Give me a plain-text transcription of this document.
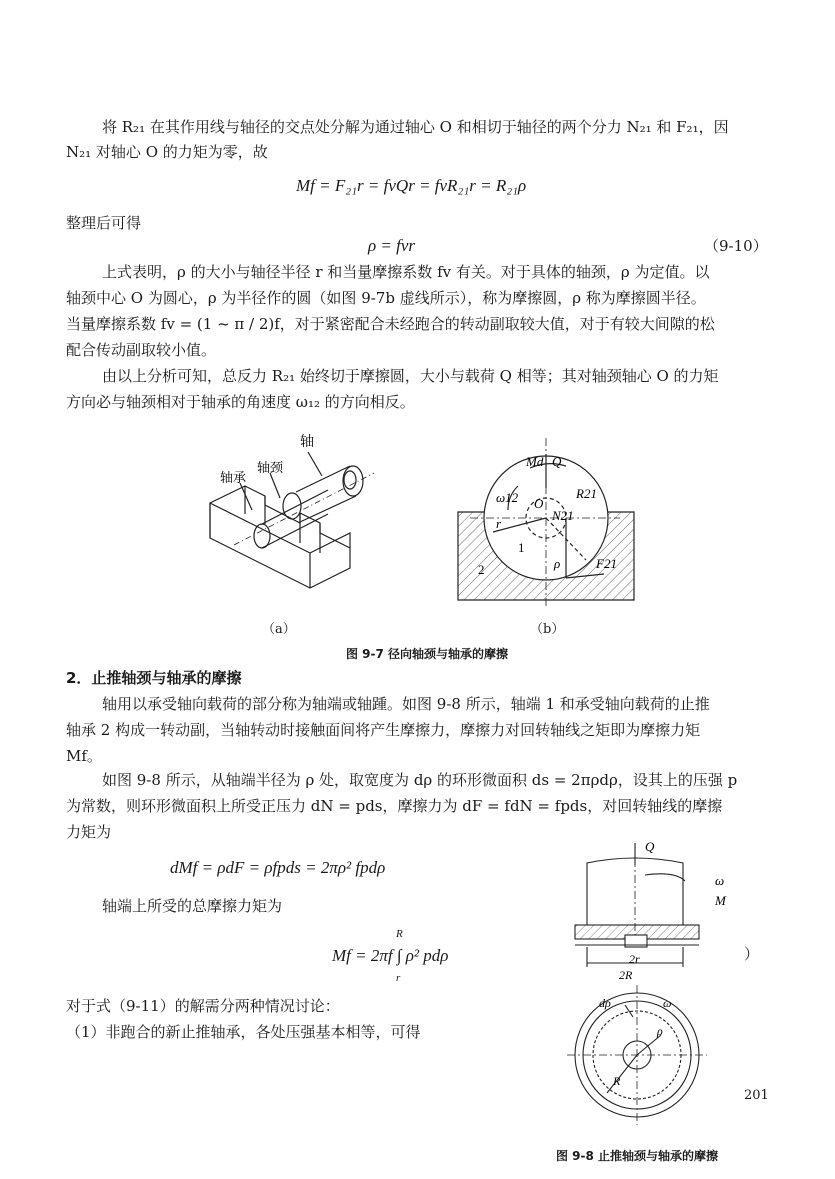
将 R₂₁ 在其作用线与轴径的交点处分解为通过轴心 O 和相切于轴径的两个分力 N₂₁ 和 F₂₁，因
N₂₁ 对轴心 O 的力矩为零，故
Mf = F₂₁r = fvQr = fvR₂₁r = R₂₁ρ
整理后可得
ρ = fvr	（9-10）
上式表明，ρ 的大小与轴径半径 r 和当量摩擦系数 fv 有关。对于具体的轴颈，ρ 为定值。以
轴颈中心 O 为圆心，ρ 为半径作的圆（如图 9-7b 虚线所示），称为摩擦圆，ρ 称为摩擦圆半径。
当量摩擦系数 fv = (1 ~ π / 2)f，对于紧密配合未经跑合的转动副取较大值，对于有较大间隙的松
配合传动副取较小值。
由以上分析可知，总反力 R₂₁ 始终切于摩擦圆，大小与载荷 Q 相等；其对轴颈轴心 O 的力矩
方向必与轴颈相对于轴承的角速度 ω₁₂ 的方向相反。
轴
轴颈
轴承
Md Q
ω12 O
R21
N21
r
1
2	ρ	F21
（a）	（b）
图 9-7 径向轴颈与轴承的摩擦
2．止推轴颈与轴承的摩擦
轴用以承受轴向载荷的部分称为轴端或轴踵。如图 9-8 所示，轴端 1 和承受轴向载荷的止推
轴承 2 构成一转动副，当轴转动时接触面间将产生摩擦力，摩擦力对回转轴线之矩即为摩擦力矩
Mf。
如图 9-8 所示，从轴端半径为 ρ 处，取宽度为 dρ 的环形微面积 ds = 2πρdρ，设其上的压强 p
为常数，则环形微面积上所受正压力 dN = pds，摩擦力为 dF = fdN = fpds，对回转轴线的摩擦
力矩为
dMf = ρdF = ρfpds = 2πρ² fpdρ
轴端上所受的总摩擦力矩为
Mf = 2πf ∫ ρ² pdρ
R
r
）
对于式（9-11）的解需分两种情况讨论：
（1）非跑合的新止推轴承，各处压强基本相等，可得
Q
ω
M
2r
2R
dρ	ω
ρ
R
201
图 9-8 止推轴颈与轴承的摩擦
